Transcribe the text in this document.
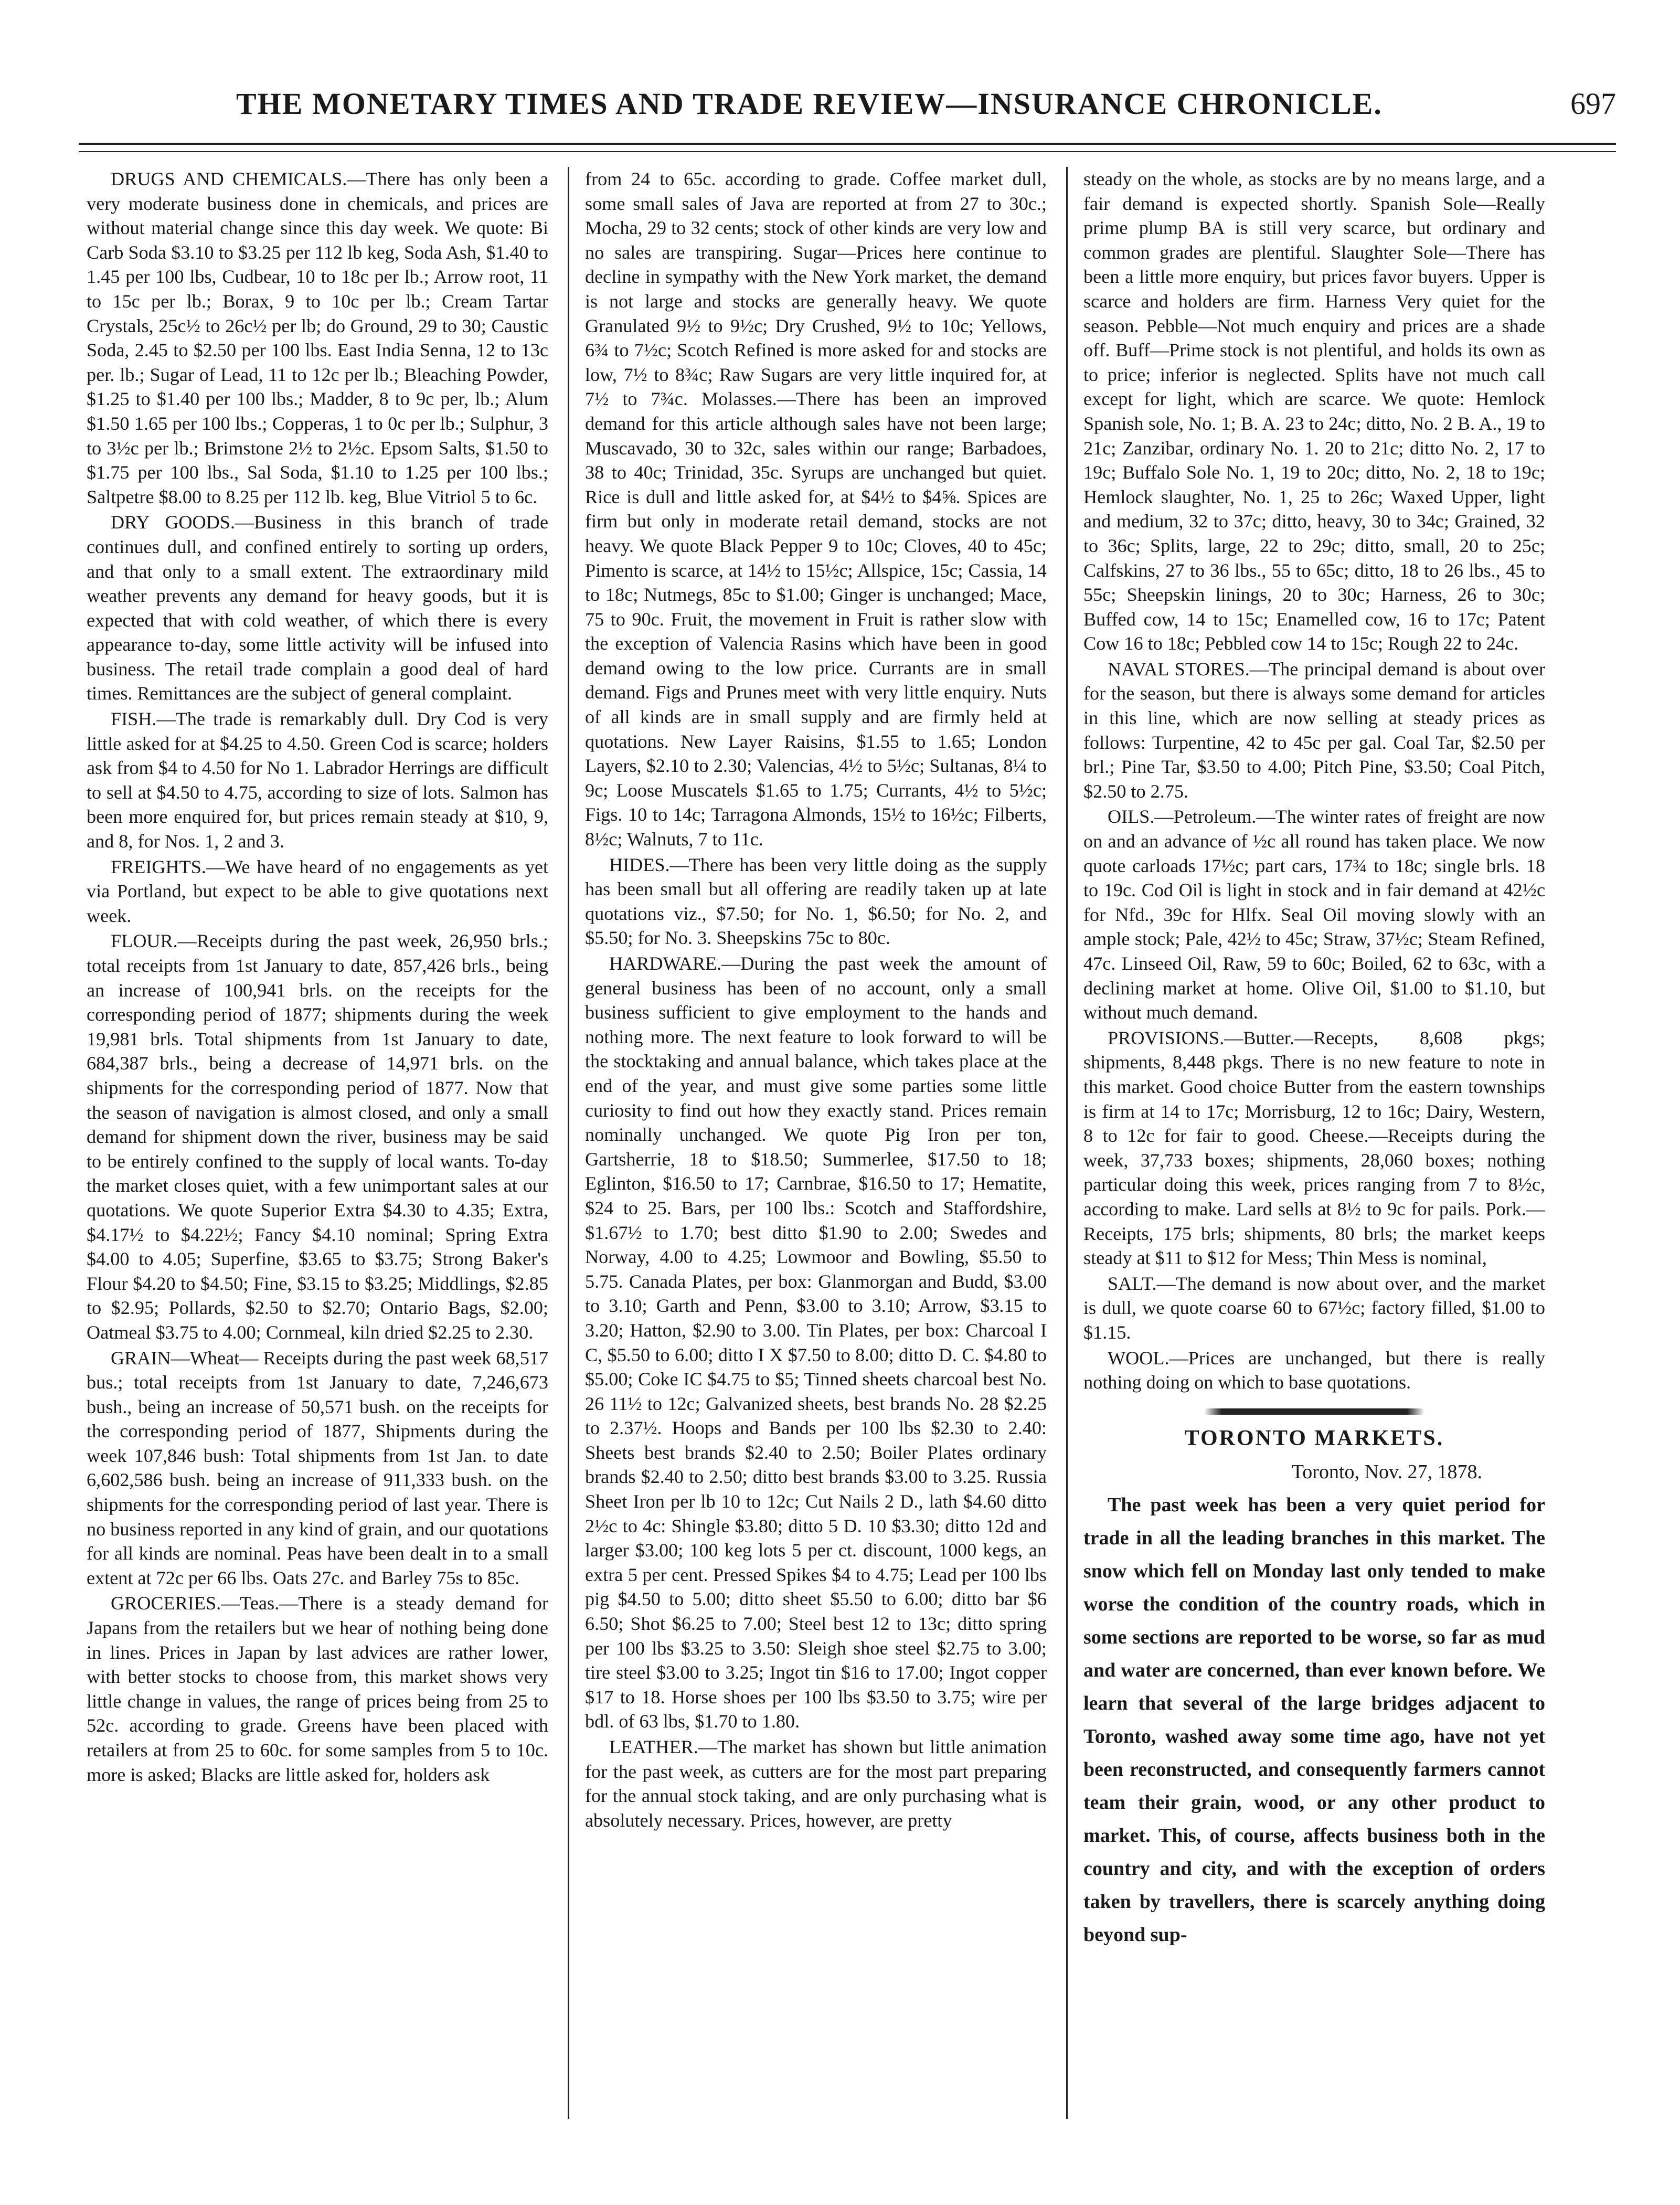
THE MONETARY TIMES AND TRADE REVIEW—INSURANCE CHRONICLE.	697

DRUGS AND CHEMICALS.—There has only been a very moderate business done in chemicals, and prices are without material change since this day week. We quote: Bi Carb Soda $3.10 to $3.25 per 112 lb keg, Soda Ash, $1.40 to 1.45 per 100 lbs, Cudbear, 10 to 18c per lb.; Arrow root, 11 to 15c per lb.; Borax, 9 to 10c per lb.; Cream Tartar Crystals, 25c½ to 26c½ per lb; do Ground, 29 to 30; Caustic Soda, 2.45 to $2.50 per 100 lbs. East India Senna, 12 to 13c per. lb.; Sugar of Lead, 11 to 12c per lb.; Bleaching Powder, $1.25 to $1.40 per 100 lbs.; Madder, 8 to 9c per, lb.; Alum $1.50 1.65 per 100 lbs.; Copperas, 1 to 0c per lb.; Sulphur, 3 to 3½c per lb.; Brimstone 2½ to 2½c. Epsom Salts, $1.50 to $1.75 per 100 lbs., Sal Soda, $1.10 to 1.25 per 100 lbs.; Saltpetre $8.00 to 8.25 per 112 lb. keg, Blue Vitriol 5 to 6c.

DRY GOODS.—Business in this branch of trade continues dull, and confined entirely to sorting up orders, and that only to a small extent. The extraordinary mild weather prevents any demand for heavy goods, but it is expected that with cold weather, of which there is every appearance to-day, some little activity will be infused into business. The retail trade complain a good deal of hard times. Remittances are the subject of general complaint.

FISH.—The trade is remarkably dull. Dry Cod is very little asked for at $4.25 to 4.50. Green Cod is scarce; holders ask from $4 to 4.50 for No 1. Labrador Herrings are difficult to sell at $4.50 to 4.75, according to size of lots. Salmon has been more enquired for, but prices remain steady at $10, 9, and 8, for Nos. 1, 2 and 3.

FREIGHTS.—We have heard of no engagements as yet via Portland, but expect to be able to give quotations next week.

FLOUR.—Receipts during the past week, 26,950 brls.; total receipts from 1st January to date, 857,426 brls., being an increase of 100,941 brls. on the receipts for the corresponding period of 1877; shipments during the week 19,981 brls. Total shipments from 1st January to date, 684,387 brls., being a decrease of 14,971 brls. on the shipments for the corresponding period of 1877. Now that the season of navigation is almost closed, and only a small demand for shipment down the river, business may be said to be entirely confined to the supply of local wants. To-day the market closes quiet, with a few unimportant sales at our quotations. We quote Superior Extra $4.30 to 4.35; Extra, $4.17½ to $4.22½; Fancy $4.10 nominal; Spring Extra $4.00 to 4.05; Superfine, $3.65 to $3.75; Strong Baker's Flour $4.20 to $4.50; Fine, $3.15 to $3.25; Middlings, $2.85 to $2.95; Pollards, $2.50 to $2.70; Ontario Bags, $2.00; Oatmeal $3.75 to 4.00; Cornmeal, kiln dried $2.25 to 2.30.

GRAIN—Wheat— Receipts during the past week 68,517 bus.; total receipts from 1st January to date, 7,246,673 bush., being an increase of 50,571 bush. on the receipts for the corresponding period of 1877, Shipments during the week 107,846 bush: Total shipments from 1st Jan. to date 6,602,586 bush. being an increase of 911,333 bush. on the shipments for the corresponding period of last year. There is no business reported in any kind of grain, and our quotations for all kinds are nominal. Peas have been dealt in to a small extent at 72c per 66 lbs. Oats 27c. and Barley 75s to 85c.

GROCERIES.—Teas.—There is a steady demand for Japans from the retailers but we hear of nothing being done in lines. Prices in Japan by last advices are rather lower, with better stocks to choose from, this market shows very little change in values, the range of prices being from 25 to 52c. according to grade. Greens have been placed with retailers at from 25 to 60c. for some samples from 5 to 10c. more is asked; Blacks are little asked for, holders ask

from 24 to 65c. according to grade. Coffee market dull, some small sales of Java are reported at from 27 to 30c.; Mocha, 29 to 32 cents; stock of other kinds are very low and no sales are transpiring. Sugar—Prices here continue to decline in sympathy with the New York market, the demand is not large and stocks are generally heavy. We quote Granulated 9½ to 9½c; Dry Crushed, 9½ to 10c; Yellows, 6¾ to 7½c; Scotch Refined is more asked for and stocks are low, 7½ to 8¾c; Raw Sugars are very little inquired for, at 7½ to 7¾c. Molasses.—There has been an improved demand for this article although sales have not been large; Muscavado, 30 to 32c, sales within our range; Barbadoes, 38 to 40c; Trinidad, 35c. Syrups are unchanged but quiet. Rice is dull and little asked for, at $4½ to $4⅝. Spices are firm but only in moderate retail demand, stocks are not heavy. We quote Black Pepper 9 to 10c; Cloves, 40 to 45c; Pimento is scarce, at 14½ to 15½c; Allspice, 15c; Cassia, 14 to 18c; Nutmegs, 85c to $1.00; Ginger is unchanged; Mace, 75 to 90c. Fruit, the movement in Fruit is rather slow with the exception of Valencia Rasins which have been in good demand owing to the low price. Currants are in small demand. Figs and Prunes meet with very little enquiry. Nuts of all kinds are in small supply and are firmly held at quotations. New Layer Raisins, $1.55 to 1.65; London Layers, $2.10 to 2.30; Valencias, 4½ to 5½c; Sultanas, 8¼ to 9c; Loose Muscatels $1.65 to 1.75; Currants, 4½ to 5½c; Figs. 10 to 14c; Tarragona Almonds, 15½ to 16½c; Filberts, 8½c; Walnuts, 7 to 11c.

HIDES.—There has been very little doing as the supply has been small but all offering are readily taken up at late quotations viz., $7.50; for No. 1, $6.50; for No. 2, and $5.50; for No. 3. Sheepskins 75c to 80c.

HARDWARE.—During the past week the amount of general business has been of no account, only a small business sufficient to give employment to the hands and nothing more. The next feature to look forward to will be the stocktaking and annual balance, which takes place at the end of the year, and must give some parties some little curiosity to find out how they exactly stand. Prices remain nominally unchanged. We quote Pig Iron per ton, Gartsherrie, 18 to $18.50; Summerlee, $17.50 to 18; Eglinton, $16.50 to 17; Carnbrae, $16.50 to 17; Hematite, $24 to 25. Bars, per 100 lbs.: Scotch and Staffordshire, $1.67½ to 1.70; best ditto $1.90 to 2.00; Swedes and Norway, 4.00 to 4.25; Lowmoor and Bowling, $5.50 to 5.75. Canada Plates, per box: Glanmorgan and Budd, $3.00 to 3.10; Garth and Penn, $3.00 to 3.10; Arrow, $3.15 to 3.20; Hatton, $2.90 to 3.00. Tin Plates, per box: Charcoal I C, $5.50 to 6.00; ditto I X $7.50 to 8.00; ditto D. C. $4.80 to $5.00; Coke IC $4.75 to $5; Tinned sheets charcoal best No. 26 11½ to 12c; Galvanized sheets, best brands No. 28 $2.25 to 2.37½. Hoops and Bands per 100 lbs $2.30 to 2.40: Sheets best brands $2.40 to 2.50; Boiler Plates ordinary brands $2.40 to 2.50; ditto best brands $3.00 to 3.25. Russia Sheet Iron per lb 10 to 12c; Cut Nails 2 D., lath $4.60 ditto 2½c to 4c: Shingle $3.80; ditto 5 D. 10 $3.30; ditto 12d and larger $3.00; 100 keg lots 5 per ct. discount, 1000 kegs, an extra 5 per cent. Pressed Spikes $4 to 4.75; Lead per 100 lbs pig $4.50 to 5.00; ditto sheet $5.50 to 6.00; ditto bar $6 6.50; Shot $6.25 to 7.00; Steel best 12 to 13c; ditto spring per 100 lbs $3.25 to 3.50: Sleigh shoe steel $2.75 to 3.00; tire steel $3.00 to 3.25; Ingot tin $16 to 17.00; Ingot copper $17 to 18. Horse shoes per 100 lbs $3.50 to 3.75; wire per bdl. of 63 lbs, $1.70 to 1.80.

LEATHER.—The market has shown but little animation for the past week, as cutters are for the most part preparing for the annual stock taking, and are only purchasing what is absolutely necessary. Prices, however, are pretty

steady on the whole, as stocks are by no means large, and a fair demand is expected shortly. Spanish Sole—Really prime plump BA is still very scarce, but ordinary and common grades are plentiful. Slaughter Sole—There has been a little more enquiry, but prices favor buyers. Upper is scarce and holders are firm. Harness Very quiet for the season. Pebble—Not much enquiry and prices are a shade off. Buff—Prime stock is not plentiful, and holds its own as to price; inferior is neglected. Splits have not much call except for light, which are scarce. We quote: Hemlock Spanish sole, No. 1; B. A. 23 to 24c; ditto, No. 2 B. A., 19 to 21c; Zanzibar, ordinary No. 1. 20 to 21c; ditto No. 2, 17 to 19c; Buffalo Sole No. 1, 19 to 20c; ditto, No. 2, 18 to 19c; Hemlock slaughter, No. 1, 25 to 26c; Waxed Upper, light and medium, 32 to 37c; ditto, heavy, 30 to 34c; Grained, 32 to 36c; Splits, large, 22 to 29c; ditto, small, 20 to 25c; Calfskins, 27 to 36 lbs., 55 to 65c; ditto, 18 to 26 lbs., 45 to 55c; Sheepskin linings, 20 to 30c; Harness, 26 to 30c; Buffed cow, 14 to 15c; Enamelled cow, 16 to 17c; Patent Cow 16 to 18c; Pebbled cow 14 to 15c; Rough 22 to 24c.

NAVAL STORES.—The principal demand is about over for the season, but there is always some demand for articles in this line, which are now selling at steady prices as follows: Turpentine, 42 to 45c per gal. Coal Tar, $2.50 per brl.; Pine Tar, $3.50 to 4.00; Pitch Pine, $3.50; Coal Pitch, $2.50 to 2.75.

OILS.—Petroleum.—The winter rates of freight are now on and an advance of ½c all round has taken place. We now quote carloads 17½c; part cars, 17¾ to 18c; single brls. 18 to 19c. Cod Oil is light in stock and in fair demand at 42½c for Nfd., 39c for Hlfx. Seal Oil moving slowly with an ample stock; Pale, 42½ to 45c; Straw, 37½c; Steam Refined, 47c. Linseed Oil, Raw, 59 to 60c; Boiled, 62 to 63c, with a declining market at home. Olive Oil, $1.00 to $1.10, but without much demand.

PROVISIONS.—Butter.—Recepts, 8,608 pkgs; shipments, 8,448 pkgs. There is no new feature to note in this market. Good choice Butter from the eastern townships is firm at 14 to 17c; Morrisburg, 12 to 16c; Dairy, Western, 8 to 12c for fair to good. Cheese.—Receipts during the week, 37,733 boxes; shipments, 28,060 boxes; nothing particular doing this week, prices ranging from 7 to 8½c, according to make. Lard sells at 8½ to 9c for pails. Pork.—Receipts, 175 brls; shipments, 80 brls; the market keeps steady at $11 to $12 for Mess; Thin Mess is nominal,

SALT.—The demand is now about over, and the market is dull, we quote coarse 60 to 67½c; factory filled, $1.00 to $1.15.

WOOL.—Prices are unchanged, but there is really nothing doing on which to base quotations.

TORONTO MARKETS.

Toronto, Nov. 27, 1878.

The past week has been a very quiet period for trade in all the leading branches in this market. The snow which fell on Monday last only tended to make worse the condition of the country roads, which in some sections are reported to be worse, so far as mud and water are concerned, than ever known before. We learn that several of the large bridges adjacent to Toronto, washed away some time ago, have not yet been reconstructed, and consequently farmers cannot team their grain, wood, or any other product to market. This, of course, affects business both in the country and city, and with the exception of orders taken by travellers, there is scarcely anything doing beyond sup-
